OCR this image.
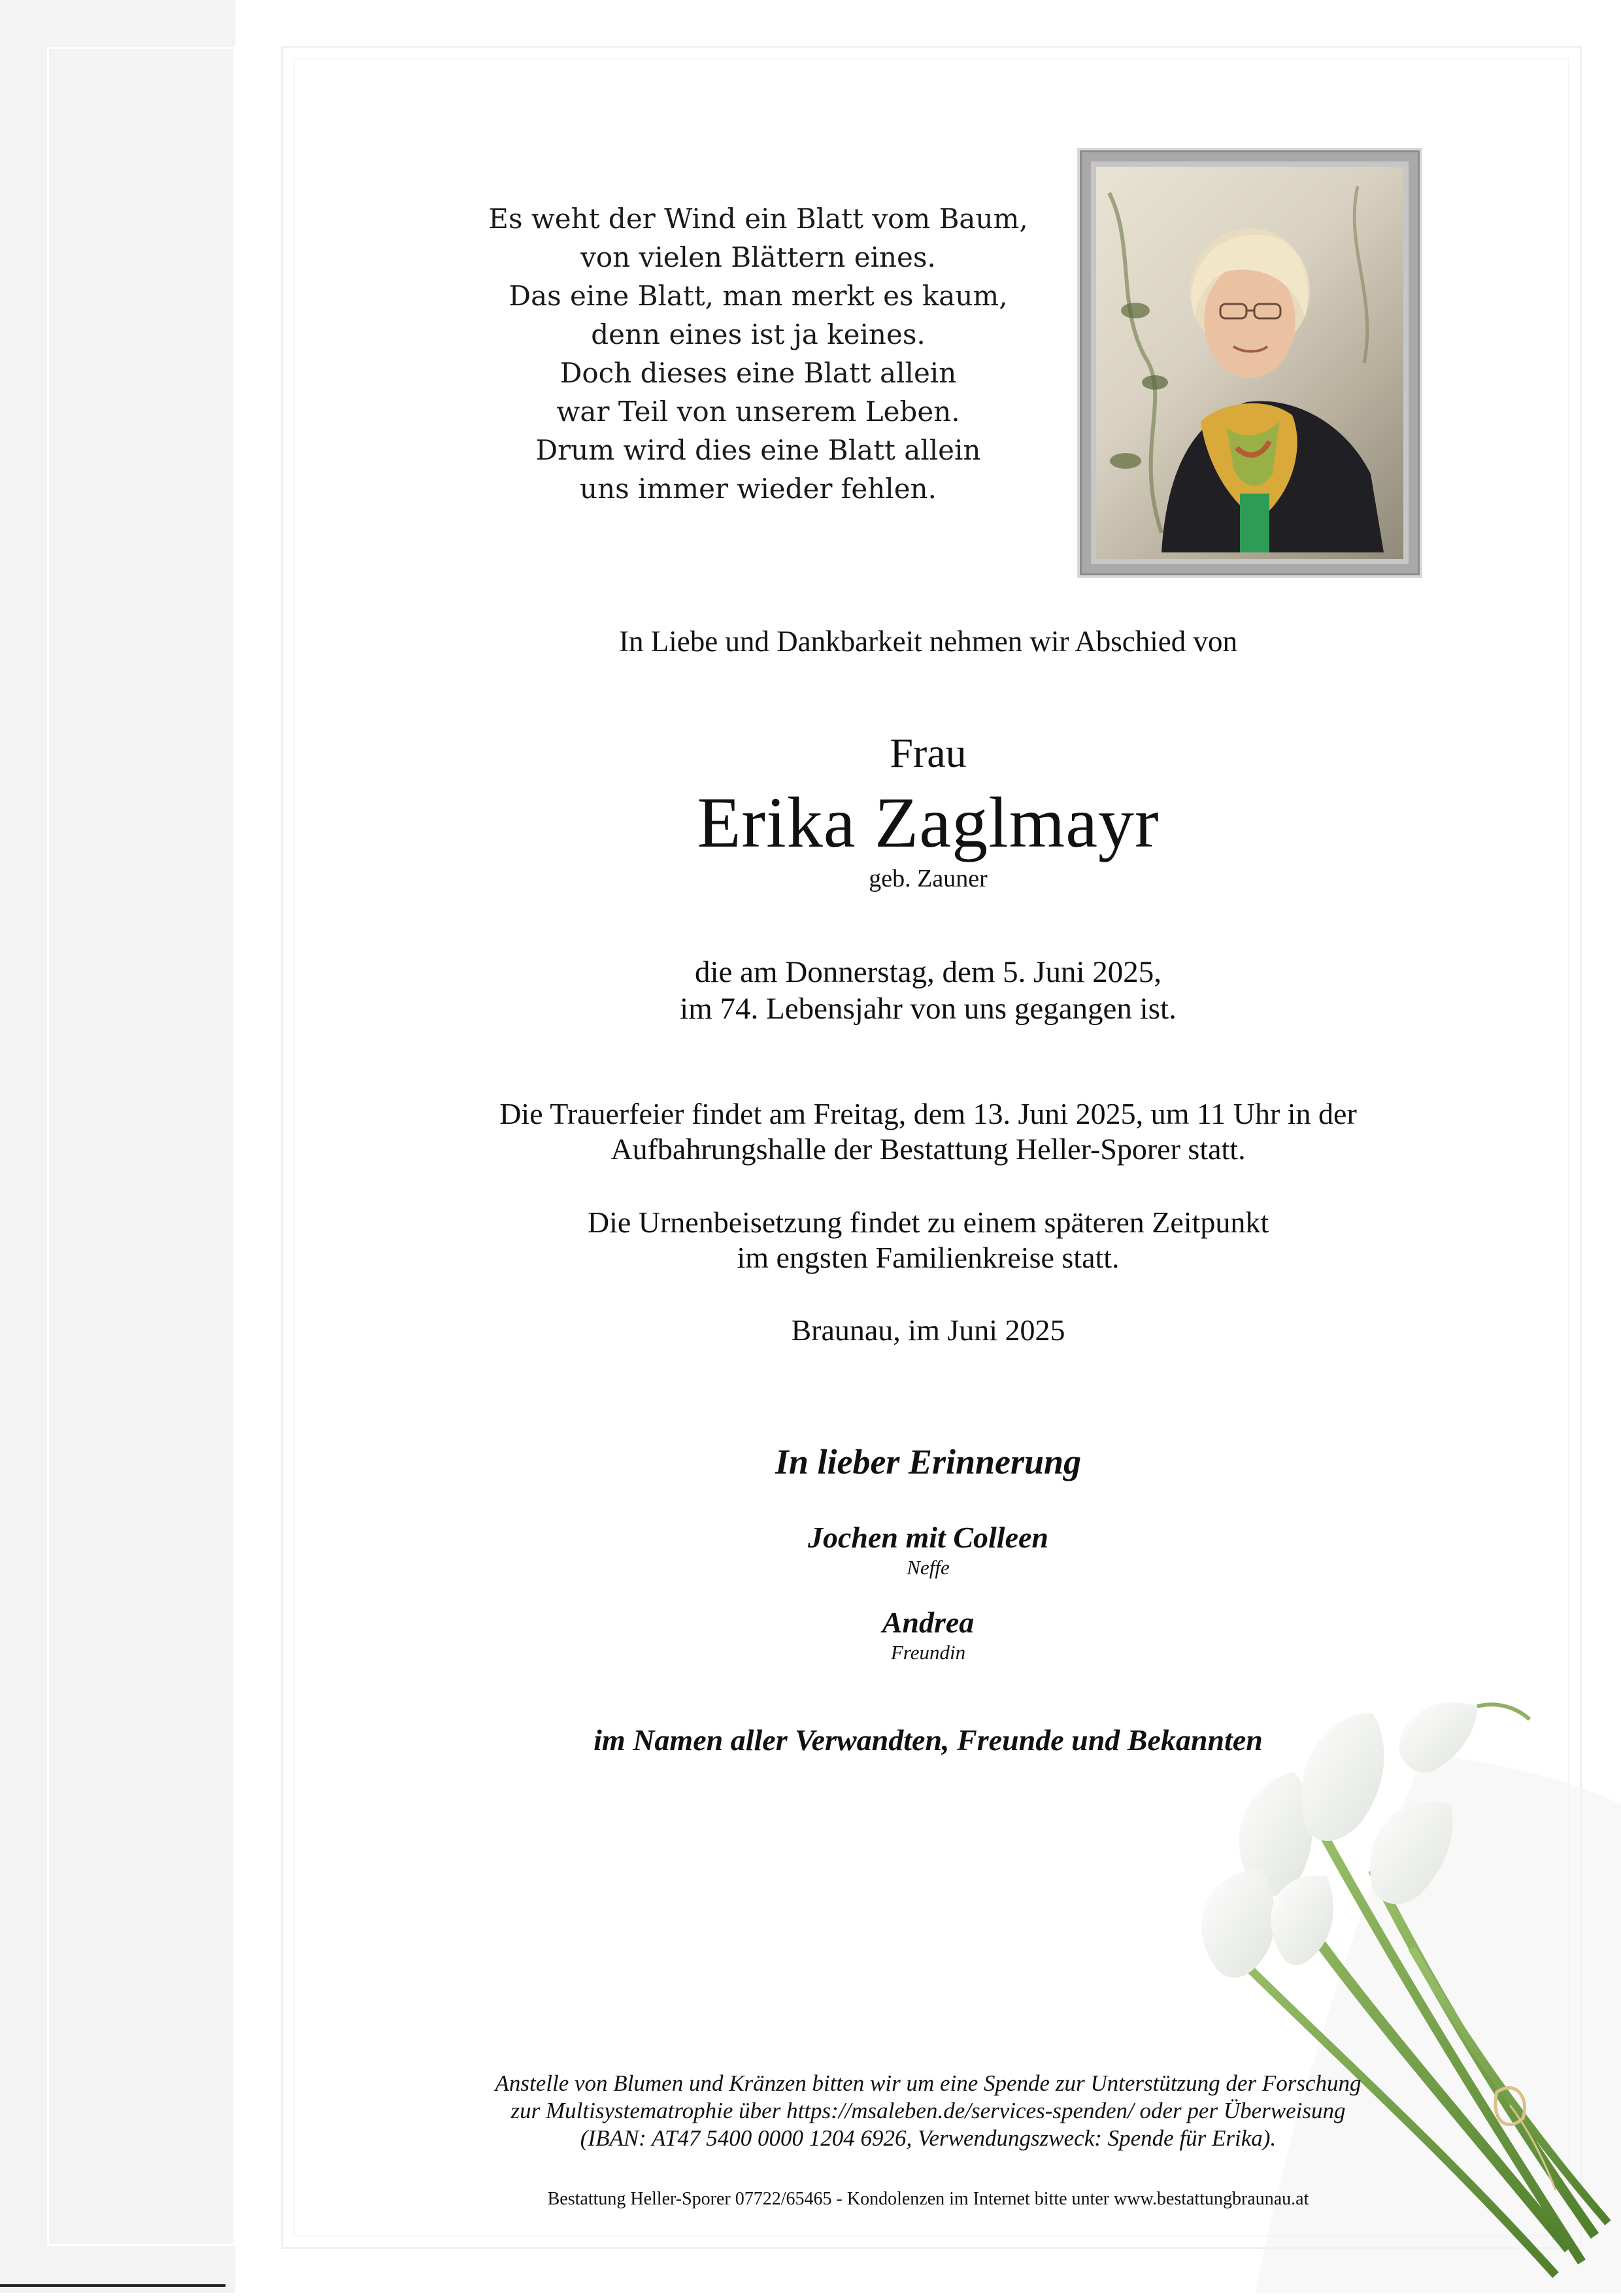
Es weht der Wind ein Blatt vom Baum,
von vielen Blättern eines.
Das eine Blatt, man merkt es kaum,
denn eines ist ja keines.
Doch dieses eine Blatt allein
war Teil von unserem Leben.
Drum wird dies eine Blatt allein
uns immer wieder fehlen.
In Liebe und Dankbarkeit nehmen wir Abschied von
Frau
Erika Zaglmayr
geb. Zauner
die am Donnerstag, dem 5. Juni 2025,
im 74. Lebensjahr von uns gegangen ist.
Die Trauerfeier findet am Freitag, dem 13. Juni 2025, um 11 Uhr in der
Aufbahrungshalle der Bestattung Heller-Sporer statt.
Die Urnenbeisetzung findet zu einem späteren Zeitpunkt
im engsten Familienkreise statt.
Braunau, im Juni 2025
In lieber Erinnerung
Jochen mit Colleen
Neffe
Andrea
Freundin
im Namen aller Verwandten, Freunde und Bekannten
Anstelle von Blumen und Kränzen bitten wir um eine Spende zur Unterstützung der Forschung
zur Multisystematrophie über https://msaleben.de/services-spenden/ oder per Überweisung
(IBAN: AT47 5400 0000 1204 6926, Verwendungszweck: Spende für Erika).
Bestattung Heller-Sporer 07722/65465 - Kondolenzen im Internet bitte unter www.bestattungbraunau.at
